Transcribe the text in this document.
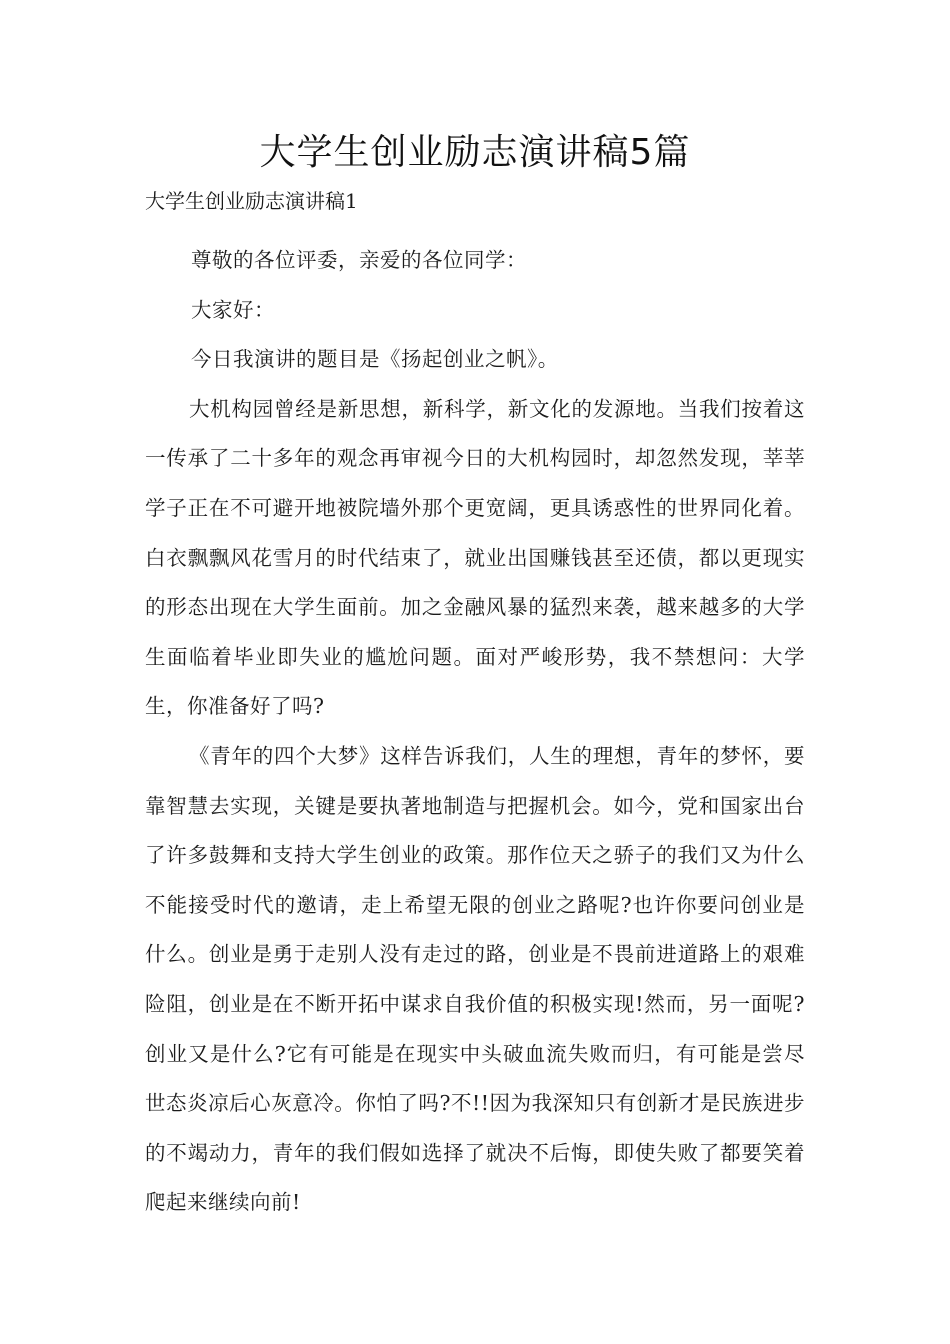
大学生创业励志演讲稿5篇

大学生创业励志演讲稿1

尊敬的各位评委，亲爱的各位同学：

大家好：

今日我演讲的题目是《扬起创业之帆》。

大机构园曾经是新思想，新科学，新文化的发源地。当我们按着这一传承了二十多年的观念再审视今日的大机构园时，却忽然发现，莘莘学子正在不可避开地被院墙外那个更宽阔，更具诱惑性的世界同化着。白衣飘飘风花雪月的时代结束了，就业出国赚钱甚至还债，都以更现实的形态出现在大学生面前。加之金融风暴的猛烈来袭，越来越多的大学生面临着毕业即失业的尴尬问题。面对严峻形势，我不禁想问：大学生，你准备好了吗?

《青年的四个大梦》这样告诉我们，人生的理想，青年的梦怀，要靠智慧去实现，关键是要执著地制造与把握机会。如今，党和国家出台了许多鼓舞和支持大学生创业的政策。那作位天之骄子的我们又为什么不能接受时代的邀请，走上希望无限的创业之路呢?也许你要问创业是什么。创业是勇于走别人没有走过的路，创业是不畏前进道路上的艰难险阻，创业是在不断开拓中谋求自我价值的积极实现!然而，另一面呢?创业又是什么?它有可能是在现实中头破血流失败而归，有可能是尝尽世态炎凉后心灰意冷。你怕了吗?不!!因为我深知只有创新才是民族进步的不竭动力，青年的我们假如选择了就决不后悔，即使失败了都要笑着爬起来继续向前!
